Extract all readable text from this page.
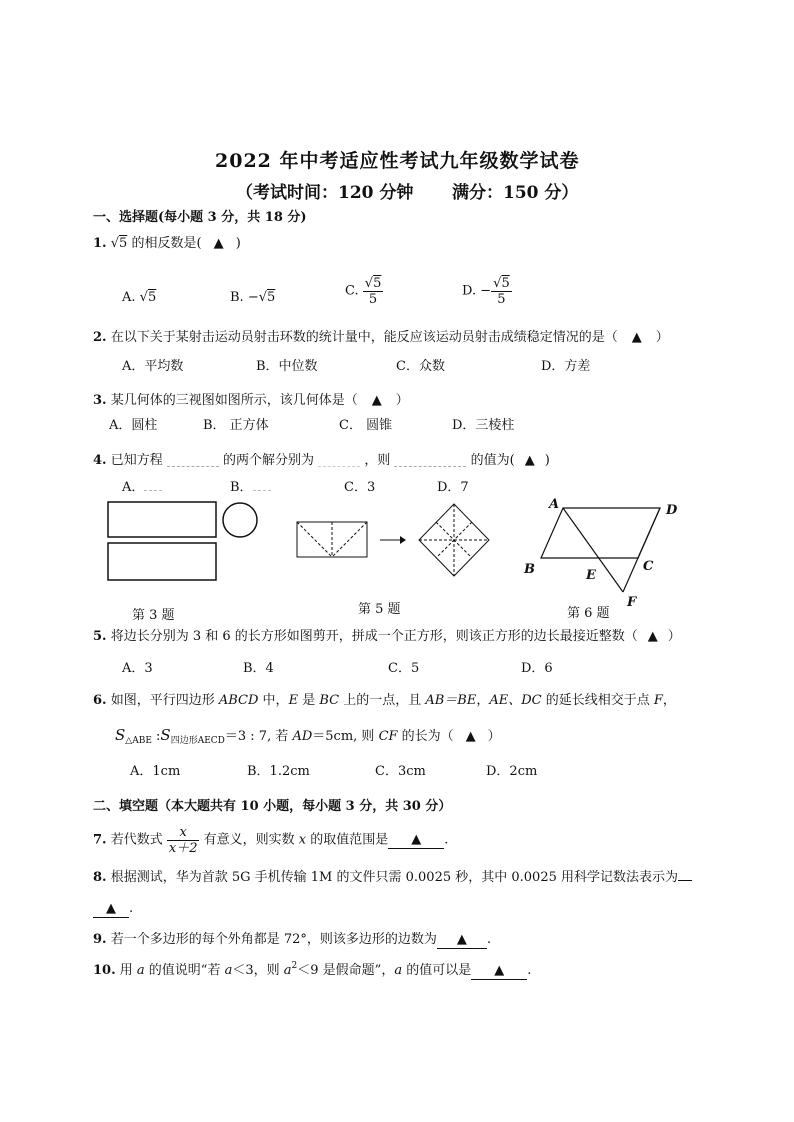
2022 年中考适应性考试九年级数学试卷
（考试时间：120 分钟 满分：150 分）
一、选择题(每小题 3 分，共 18 分)
1. √5 的相反数是( ▲ )
A. √5	B. −√5	C. $\frac{√5}{5}$	D. − $\frac{√5}{5}$
2. 在以下关于某射击运动员射击环数的统计量中，能反应该运动员射击成绩稳定情况的是（ ▲ ）
A．平均数	B．中位数	C．众数	D．方差
3. 某几何体的三视图如图所示，该几何体是（ ▲ ）
A．圆柱	B． 正方体	C． 圆锥	D．三棱柱
4. 已知方程	的两个解分别为	，则	的值为( ▲ )
A．	B．	C．3	D．7
第 3 题	第 5 题
A	D
B	E
C
F
第 6 题
5. 将边长分别为 3 和 6 的长方形如图剪开，拼成一个正方形，则该正方形的边长最接近整数（ ▲ ）
A．3	B．4	C．5	D．6
6. 如图，平行四边形 ABCD 中，E 是 BC 上的一点，且 AB＝BE，AE、DC 的延长线相交于点 F，
$S_{\triangle ABE}$ $:S_{四边形AECD}=3$ : 7, 若 AD＝5cm, 则 CF 的长为（ ▲ ）
A．1cm	B．1.2cm	C．3cm	D．2cm
二、填空题（本大题共有 10 小题，每小题 3 分，共 30 分）
7. 若代数式 $\frac{x}{x+2}$ 有意义，则实数 x 的取值范围是 ▲ .
8. 根据测试，华为首款 5G 手机传输 1M 的文件只需 0.0025 秒，其中 0.0025 用科学记数法表示为
▲ .
9. 若一个多边形的每个外角都是 72°，则该多边形的边数为 ▲ .
10. 用 a 的值说明“若 a＜3，则 $a^2<9$ 是假命题”，a 的值可以是 ▲ .
